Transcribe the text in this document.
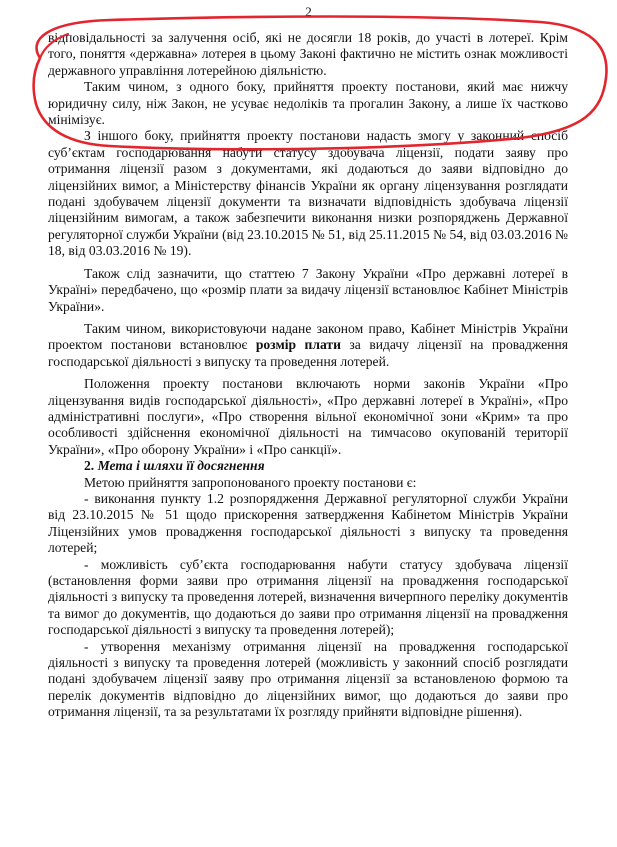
2

відповідальності за залучення осіб, які не досягли 18 років, до участі в лотереї. Крім того, поняття «державна» лотерея в цьому Законі фактично не містить ознак можливості державного управління лотерейною діяльністю.

Таким чином, з одного боку, прийняття проекту постанови, який має нижчу юридичну силу, ніж Закон, не усуває недоліків та прогалин Закону, а лише їх частково мінімізує.

З іншого боку, прийняття проекту постанови надасть змогу у законний спосіб суб’єктам господарювання набути статусу здобувача ліцензії, подати заяву про отримання ліцензії разом з документами, які додаються до заяви відповідно до ліцензійних вимог, а Міністерству фінансів України як органу ліцензування розглядати подані здобувачем ліцензії документи та визначати відповідність здобувача ліцензії ліцензійним вимогам, а також забезпечити виконання низки розпоряджень Державної регуляторної служби України (від 23.10.2015 № 51, від 25.11.2015 № 54, від 03.03.2016 № 18, від 03.03.2016 № 19).

Також слід зазначити, що статтею 7 Закону України «Про державні лотереї в Україні» передбачено, що «розмір плати за видачу ліцензії встановлює Кабінет Міністрів України».

Таким чином, використовуючи надане законом право, Кабінет Міністрів України проектом постанови встановлює розмір плати за видачу ліцензії на провадження господарської діяльності з випуску та проведення лотерей.

Положення проекту постанови включають норми законів України «Про ліцензування видів господарської діяльності», «Про державні лотереї в Україні», «Про адміністративні послуги», «Про створення вільної економічної зони «Крим» та про особливості здійснення економічної діяльності на тимчасово окупованій території України», «Про оборону України» і «Про санкції».

2. Мета і шляхи її досягнення

Метою прийняття запропонованого проекту постанови є:

- виконання пункту 1.2 розпорядження Державної регуляторної служби України від 23.10.2015 № 51 щодо прискорення затвердження Кабінетом Міністрів України Ліцензійних умов провадження господарської діяльності з випуску та проведення лотерей;

- можливість суб’єкта господарювання набути статусу здобувача ліцензії (встановлення форми заяви про отримання ліцензії на провадження господарської діяльності з випуску та проведення лотерей, визначення вичерпного переліку документів та вимог до документів, що додаються до заяви про отримання ліцензії на провадження господарської діяльності з випуску та проведення лотерей);

- утворення механізму отримання ліцензії на провадження господарської діяльності з випуску та проведення лотерей (можливість у законний спосіб розглядати подані здобувачем ліцензії заяву про отримання ліцензії за встановленою формою та перелік документів відповідно до ліцензійних вимог, що додаються до заяви про отримання ліцензії, та за результатами їх розгляду прийняти відповідне рішення).
